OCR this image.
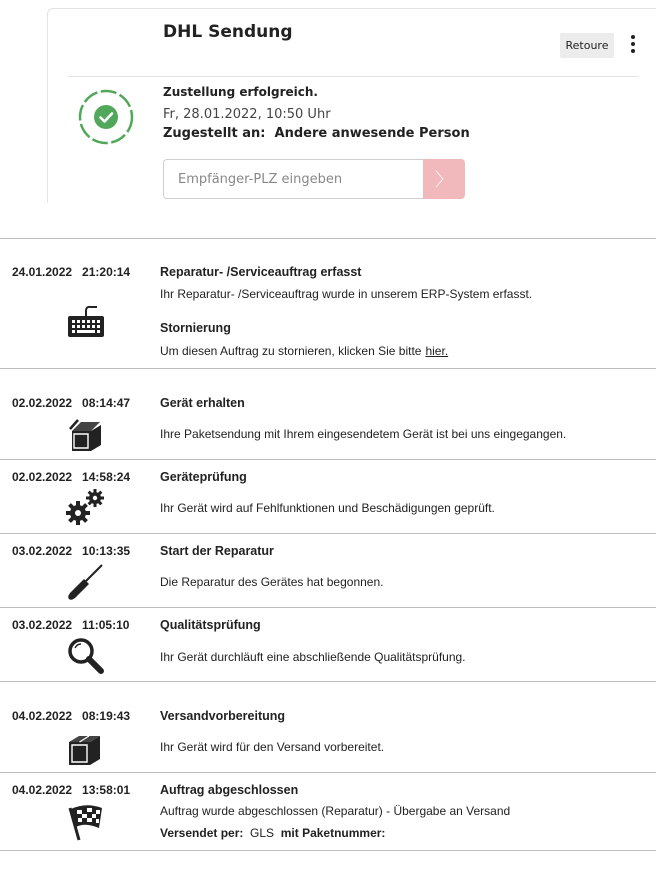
DHL Sendung
Retoure
Zustellung erfolgreich.
Fr, 28.01.2022, 10:50 Uhr
Zugestellt an: Andere anwesende Person
Empfänger-PLZ eingeben
〉
24.01.2022   21:20:14 Reparatur- /Serviceauftrag erfasst
Ihr Reparatur- /Serviceauftrag wurde in unserem ERP-System erfasst.
Stornierung
Um diesen Auftrag zu stornieren, klicken Sie bitte hier.
02.02.2022   08:14:47 Gerät erhalten
Ihre Paketsendung mit Ihrem eingesendetem Gerät ist bei uns eingegangen.
02.02.2022   14:58:24 Geräteprüfung
Ihr Gerät wird auf Fehlfunktionen und Beschädigungen geprüft.
03.02.2022   10:13:35 Start der Reparatur
Die Reparatur des Gerätes hat begonnen.
03.02.2022   11:05:10 Qualitätsprüfung
Ihr Gerät durchläuft eine abschließende Qualitätsprüfung.
04.02.2022   08:19:43 Versandvorbereitung
Ihr Gerät wird für den Versand vorbereitet.
04.02.2022   13:58:01 Auftrag abgeschlossen
Auftrag wurde abgeschlossen (Reparatur) - Übergabe an Versand
Versendet per: GLS mit Paketnummer:
